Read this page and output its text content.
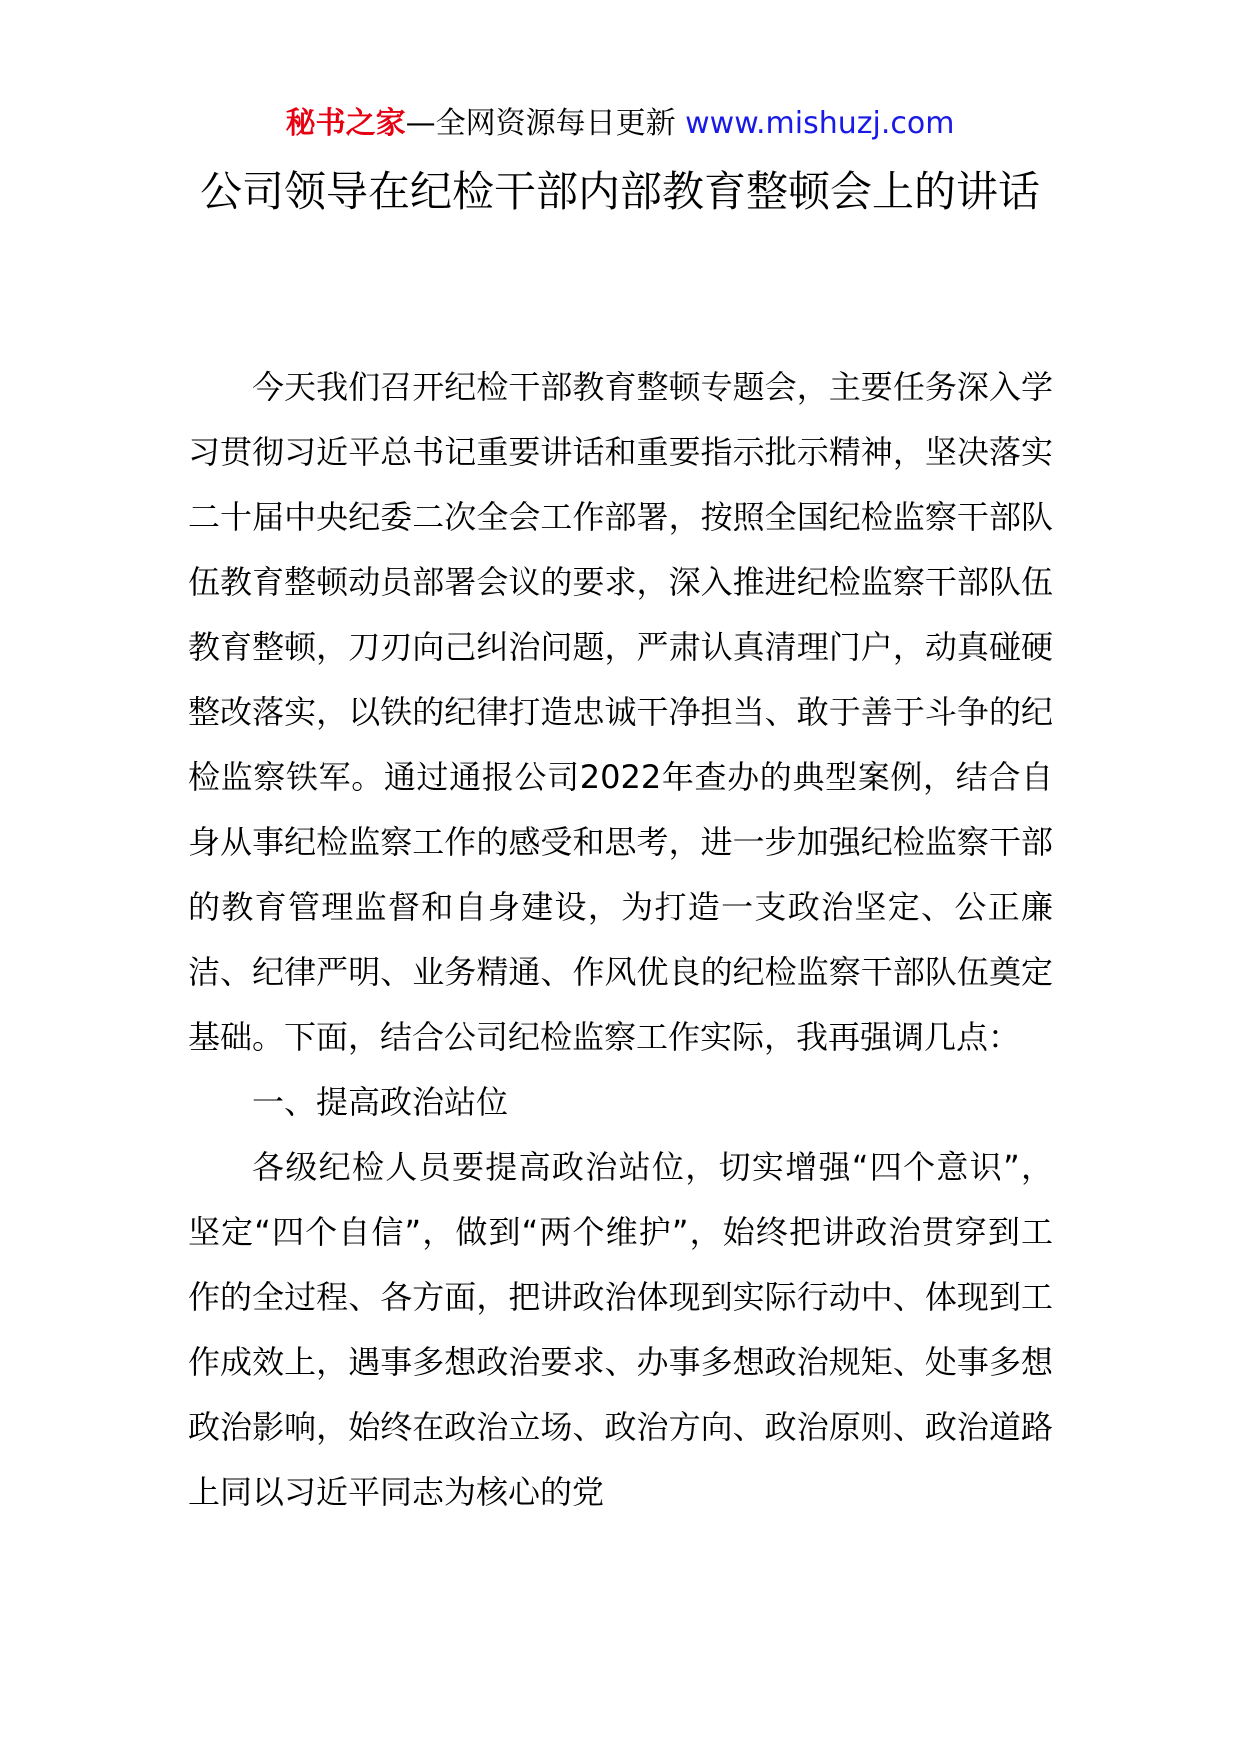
秘书之家—全网资源每日更新 www.mishuzj.com
公司领导在纪检干部内部教育整顿会上的讲话

今天我们召开纪检干部教育整顿专题会，主要任务深入学习贯彻习近平总书记重要讲话和重要指示批示精神，坚决落实二十届中央纪委二次全会工作部署，按照全国纪检监察干部队伍教育整顿动员部署会议的要求，深入推进纪检监察干部队伍教育整顿，刀刃向己纠治问题，严肃认真清理门户，动真碰硬整改落实，以铁的纪律打造忠诚干净担当、敢于善于斗争的纪检监察铁军。通过通报公司2022年查办的典型案例，结合自身从事纪检监察工作的感受和思考，进一步加强纪检监察干部的教育管理监督和自身建设，为打造一支政治坚定、公正廉洁、纪律严明、业务精通、作风优良的纪检监察干部队伍奠定基础。下面，结合公司纪检监察工作实际，我再强调几点：

一、提高政治站位

各级纪检人员要提高政治站位，切实增强“四个意识”，坚定“四个自信”，做到“两个维护”，始终把讲政治贯穿到工作的全过程、各方面，把讲政治体现到实际行动中、体现到工作成效上，遇事多想政治要求、办事多想政治规矩、处事多想政治影响，始终在政治立场、政治方向、政治原则、政治道路上同以习近平同志为核心的党
